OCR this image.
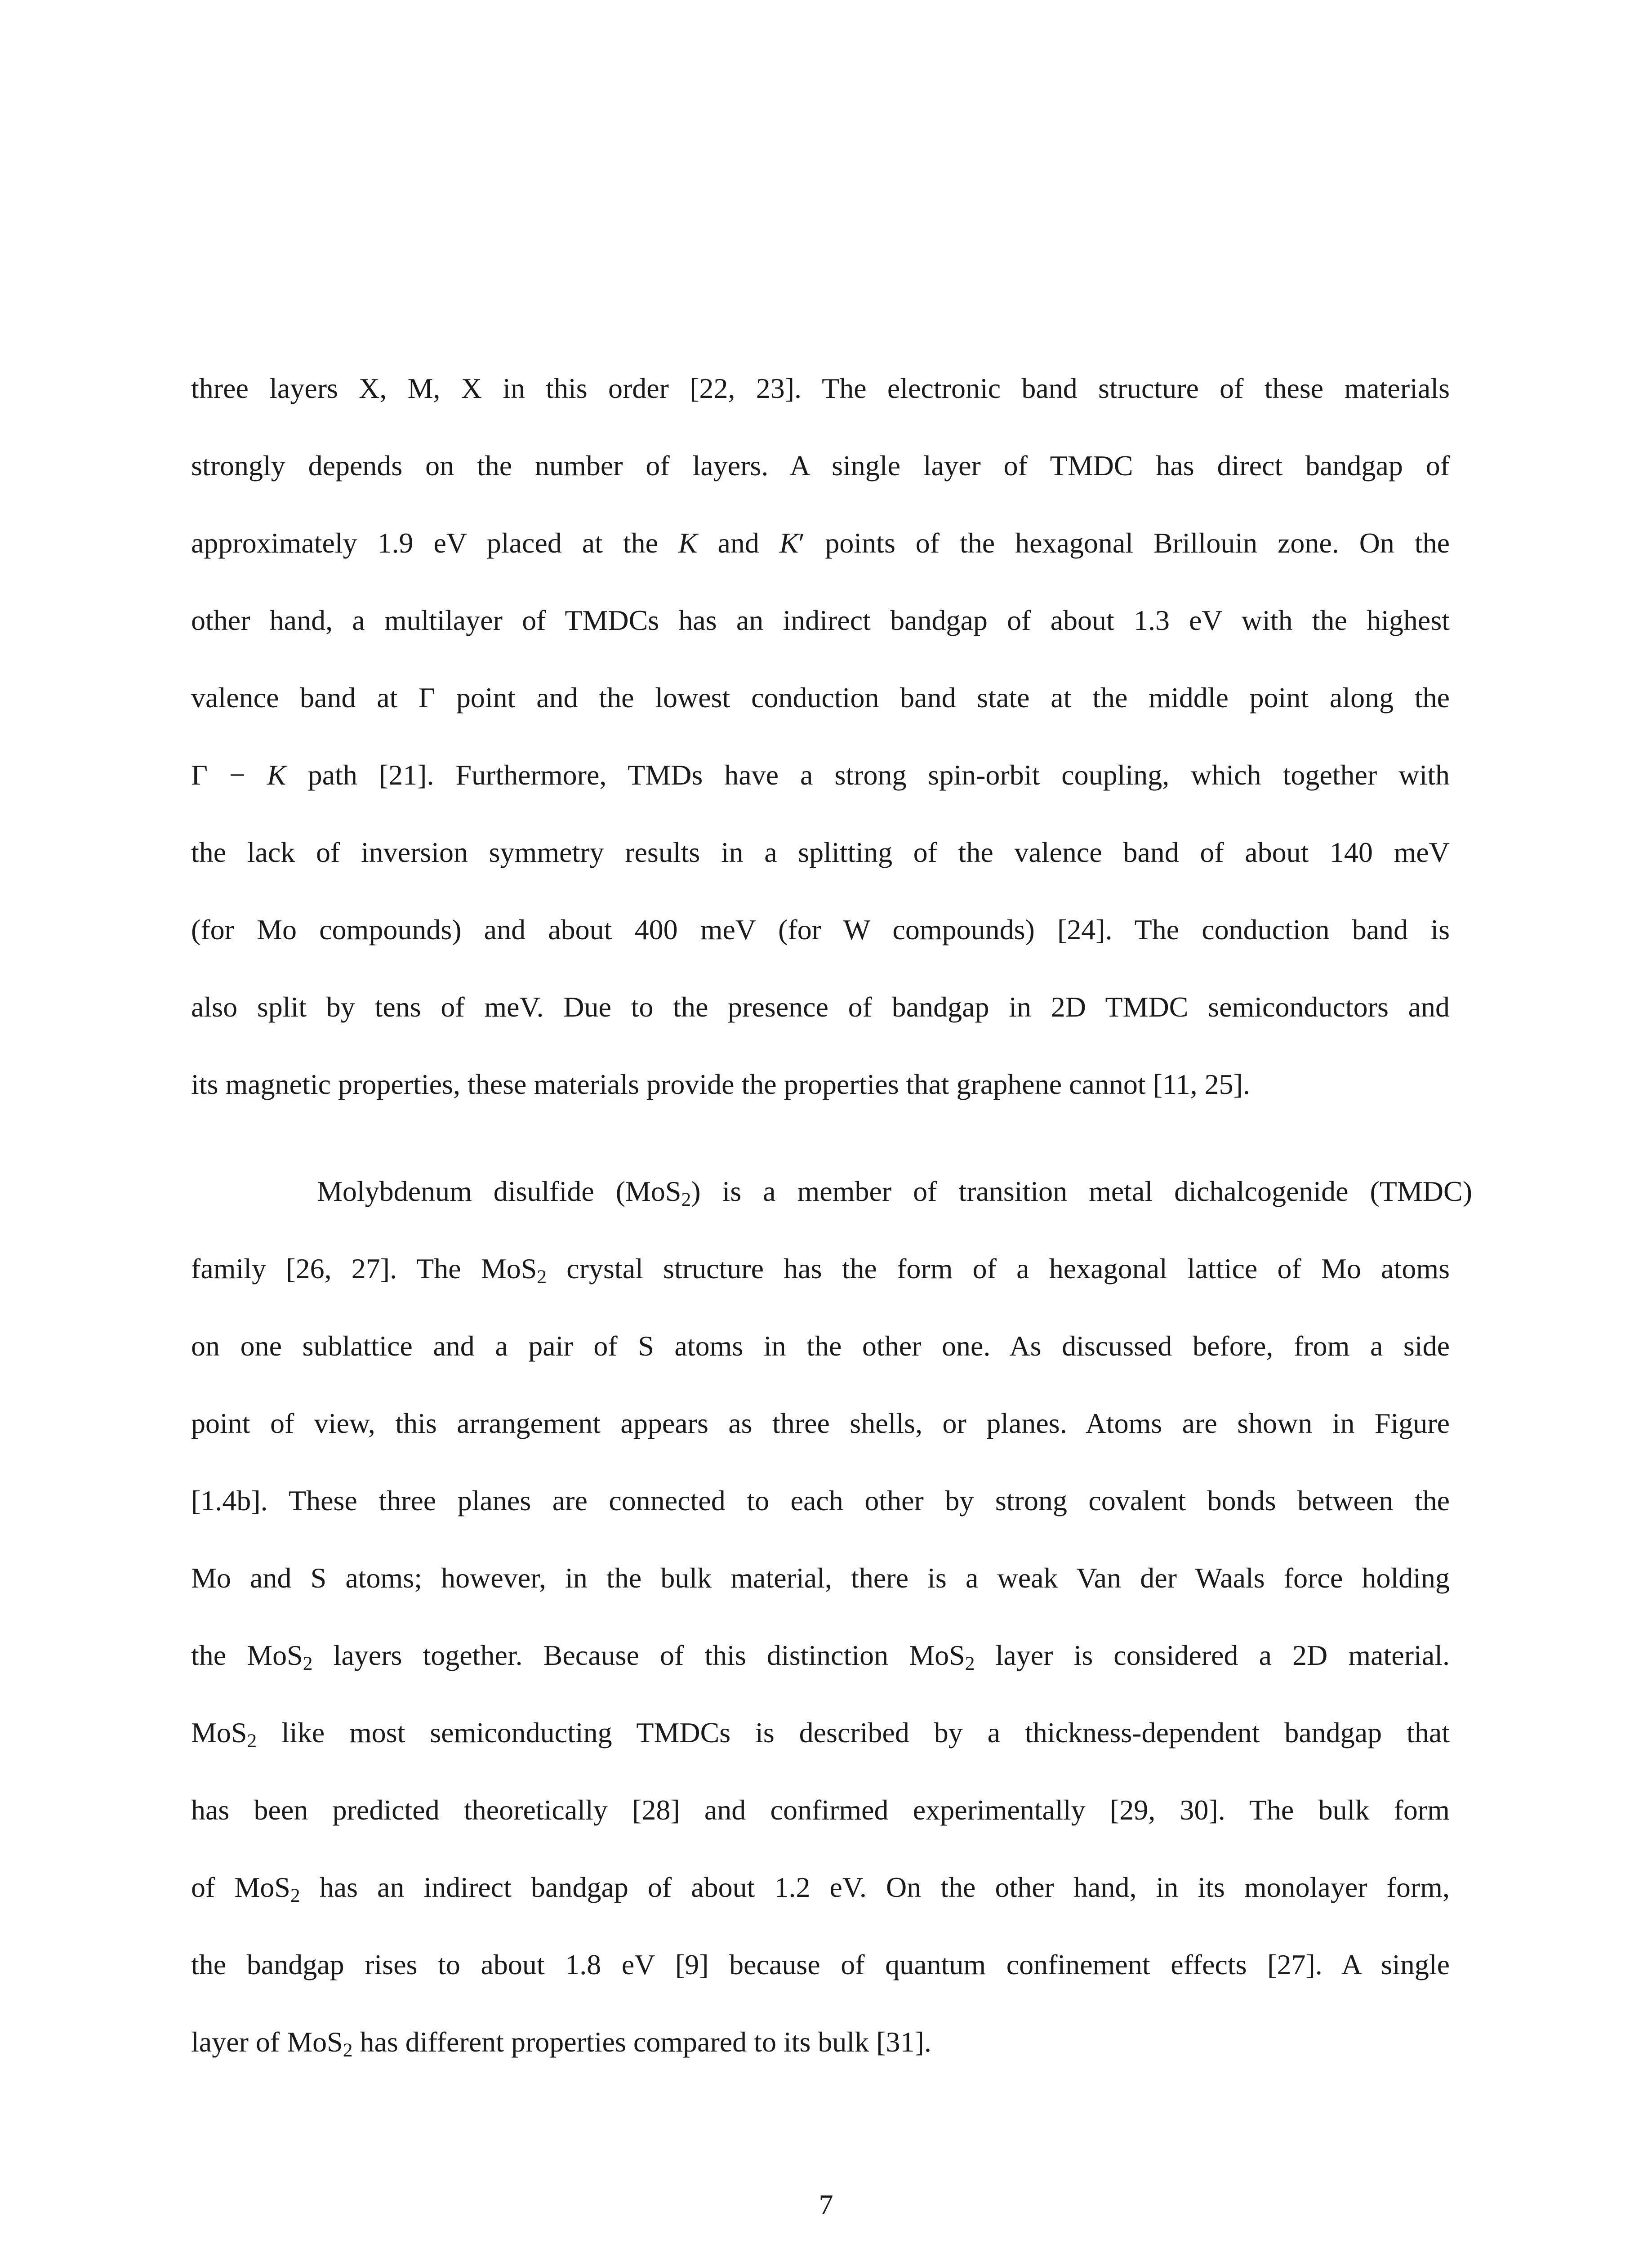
three layers X, M, X in this order [22, 23]. The electronic band structure of these materials
strongly depends on the number of layers. A single layer of TMDC has direct bandgap of
approximately 1.9 eV placed at the K and K′ points of the hexagonal Brillouin zone. On the
other hand, a multilayer of TMDCs has an indirect bandgap of about 1.3 eV with the highest
valence band at Γ point and the lowest conduction band state at the middle point along the
Γ − K path [21]. Furthermore, TMDs have a strong spin-orbit coupling, which together with
the lack of inversion symmetry results in a splitting of the valence band of about 140 meV
(for Mo compounds) and about 400 meV (for W compounds) [24]. The conduction band is
also split by tens of meV. Due to the presence of bandgap in 2D TMDC semiconductors and
its magnetic properties, these materials provide the properties that graphene cannot [11, 25].
Molybdenum disulfide (MoS$_2$) is a member of transition metal dichalcogenide (TMDC)
family [26, 27]. The MoS$_2$ crystal structure has the form of a hexagonal lattice of Mo atoms
on one sublattice and a pair of S atoms in the other one. As discussed before, from a side
point of view, this arrangement appears as three shells, or planes. Atoms are shown in Figure
[1.4b]. These three planes are connected to each other by strong covalent bonds between the
Mo and S atoms; however, in the bulk material, there is a weak Van der Waals force holding
the MoS$_2$ layers together. Because of this distinction MoS$_2$ layer is considered a 2D material.
MoS$_2$ like most semiconducting TMDCs is described by a thickness-dependent bandgap that
has been predicted theoretically [28] and confirmed experimentally [29, 30]. The bulk form
of MoS$_2$ has an indirect bandgap of about 1.2 eV. On the other hand, in its monolayer form,
the bandgap rises to about 1.8 eV [9] because of quantum confinement effects [27]. A single
layer of MoS$_2$ has different properties compared to its bulk [31].
7
